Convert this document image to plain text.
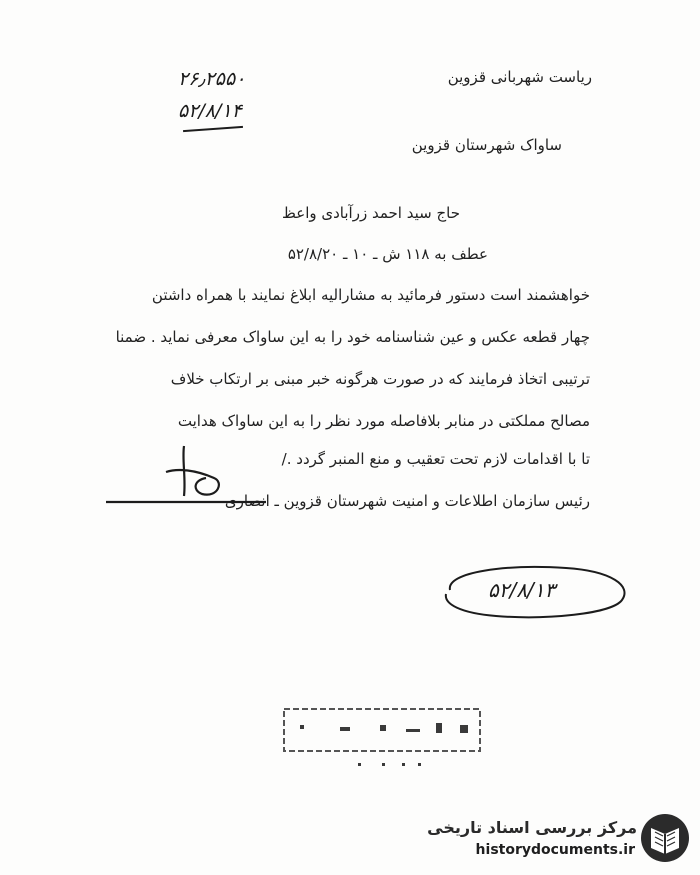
۲۶٫۲۵۵۰
۵۲/۸/۱۴
ریاست شهربانی قزوین
ساواک شهرستان قزوین
حاج سید احمد زرآبادی واعظ
عطف به ۱۱۸ ش ـ ۱۰ ـ ۵۲/۸/۲۰
خواهشمند است دستور فرمائید به مشارالیه ابلاغ نمایند با همراه داشتن
چهار قطعه عکس و عین شناسنامه خود را به این ساواک معرفی نماید . ضمنا
ترتیبی اتخاذ فرمایند که در صورت هرگونه خبر مبنی بر ارتکاب خلاف
مصالح مملکتی در منابر بلافاصله مورد نظر را به این ساواک هدایت
تا با اقدامات لازم تحت تعقیب و منع المنبر گردد ./
رئیس سازمان اطلاعات و امنیت شهرستان قزوین ـ انصاری
۵۲/۸/۱۳
مرکز بررسی اسناد تاریخی
historydocuments.ir
